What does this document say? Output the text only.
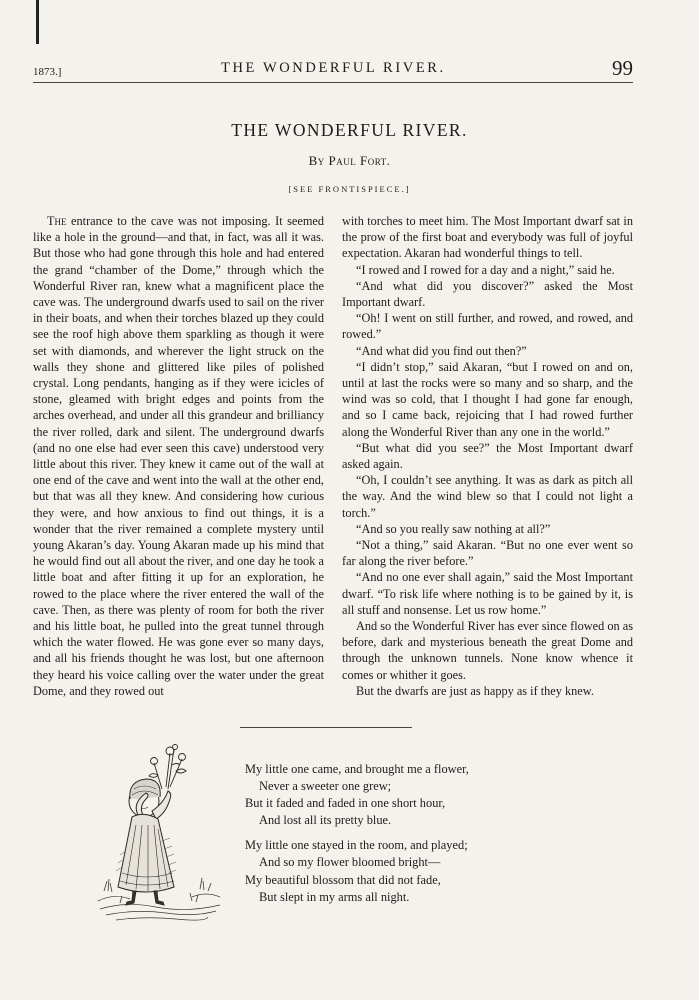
1873.]	THE WONDERFUL RIVER.	99
THE WONDERFUL RIVER.
By Paul Fort.
[SEE FRONTISPIECE.]

The entrance to the cave was not imposing. It seemed like a hole in the ground—and that, in fact, was all it was. But those who had gone through this hole and had entered the grand “chamber of the Dome,” through which the Wonderful River ran, knew what a magnificent place the cave was. The underground dwarfs used to sail on the river in their boats, and when their torches blazed up they could see the roof high above them sparkling as though it were set with diamonds, and wherever the light struck on the walls they shone and glittered like piles of polished crystal. Long pendants, hanging as if they were icicles of stone, gleamed with bright edges and points from the arches overhead, and under all this grandeur and brilliancy the river rolled, dark and silent. The underground dwarfs (and no one else had ever seen this cave) understood very little about this river. They knew it came out of the wall at one end of the cave and went into the wall at the other end, but that was all they knew. And considering how curious they were, and how anxious to find out things, it is a wonder that the river remained a complete mystery until young Akaran’s day. Young Akaran made up his mind that he would find out all about the river, and one day he took a little boat and after fitting it up for an exploration, he rowed to the place where the river entered the wall of the cave. Then, as there was plenty of room for both the river and his little boat, he pulled into the great tunnel through which the water flowed. He was gone ever so many days, and all his friends thought he was lost, but one afternoon they heard his voice calling over the water under the great Dome, and they rowed out

with torches to meet him. The Most Important dwarf sat in the prow of the first boat and everybody was full of joyful expectation. Akaran had wonderful things to tell.

“I rowed and I rowed for a day and a night,” said he.

“And what did you discover?” asked the Most Important dwarf.

“Oh! I went on still further, and rowed, and rowed, and rowed.”

“And what did you find out then?”

“I didn’t stop,” said Akaran, “but I rowed on and on, until at last the rocks were so many and so sharp, and the wind was so cold, that I thought I had gone far enough, and so I came back, rejoicing that I had rowed further along the Wonderful River than any one in the world.”

“But what did you see?” the Most Important dwarf asked again.

“Oh, I couldn’t see anything. It was as dark as pitch all the way. And the wind blew so that I could not light a torch.”

“And so you really saw nothing at all?”

“Not a thing,” said Akaran. “But no one ever went so far along the river before.”

“And no one ever shall again,” said the Most Important dwarf. “To risk life where nothing is to be gained by it, is all stuff and nonsense. Let us row home.”

And so the Wonderful River has ever since flowed on as before, dark and mysterious beneath the great Dome and through the unknown tunnels. None know whence it comes or whither it goes.

But the dwarfs are just as happy as if they knew.

My little one came, and brought me a flower,
Never a sweeter one grew;
But it faded and faded in one short hour,
And lost all its pretty blue.
My little one stayed in the room, and played;
And so my flower bloomed bright—
My beautiful blossom that did not fade,
But slept in my arms all night.
